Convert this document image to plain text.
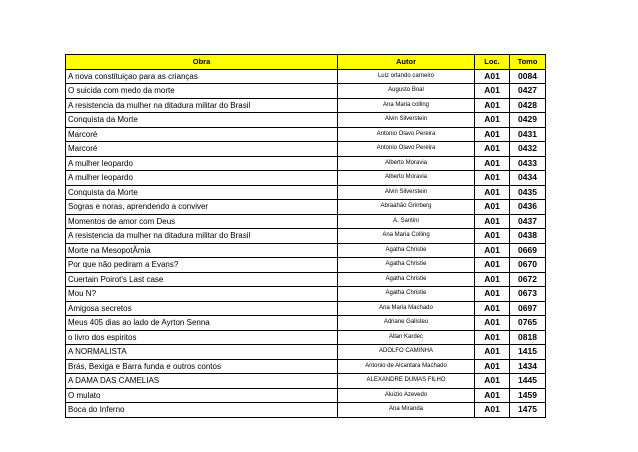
Obra	Autor	Loc.	Tomo
A nova constituiçao para as crianças	Luiz orlando carneiro	A01	0084
O suicida com medo da morte	Augusto Boal	A01	0427
A resistencia da mulher na ditadura militar do Brasil	Ana Maria colling	A01	0428
Conquista da Morte	Alvin Silverstein	A01	0429
Marcoré	Antonio Olavo Pereira	A01	0431
Marcoré	Antonio Olavo Pereira	A01	0432
A mulher leopardo	Alberto Moravia	A01	0433
A mulher leopardo	Alberto Moravia	A01	0434
Conquista da Morte	Alvin Silverstein	A01	0435
Sogras e noras, aprendendo a conviver	Abraahão Grinberg	A01	0436
Momentos de amor com Deus	A. Santini	A01	0437
A resistencia da mulher na ditadura militar do Brasil	Ana Maria Colling	A01	0438
Morte na MesopotÃmia	Agatha Christie	A01	0669
Por que não pediram a Evans?	Agatha Christie	A01	0670
Cuertain Poirot's Last case	Agatha Christie	A01	0672
Mou N?	Agatha Christie	A01	0673
Amigosa secretos	Ana Maria Machado	A01	0697
Meus 405 dias ao lado de Ayrton Senna	Adriane Galisteu	A01	0765
o livro dos espiritos	Allan Kardec	A01	0818
A NORMALISTA	ADOLFO CAMINHA	A01	1415
Brás, Bexiga e Barra funda e outros contos	Antonio de Alcantara Machado	A01	1434
A DAMA DAS CAMELIAS	ALEXANDRE DUMAS FILHO	A01	1445
O mulato	Aluizio Azevedo	A01	1459
Boca do Inferno	Ana Miranda	A01	1475
